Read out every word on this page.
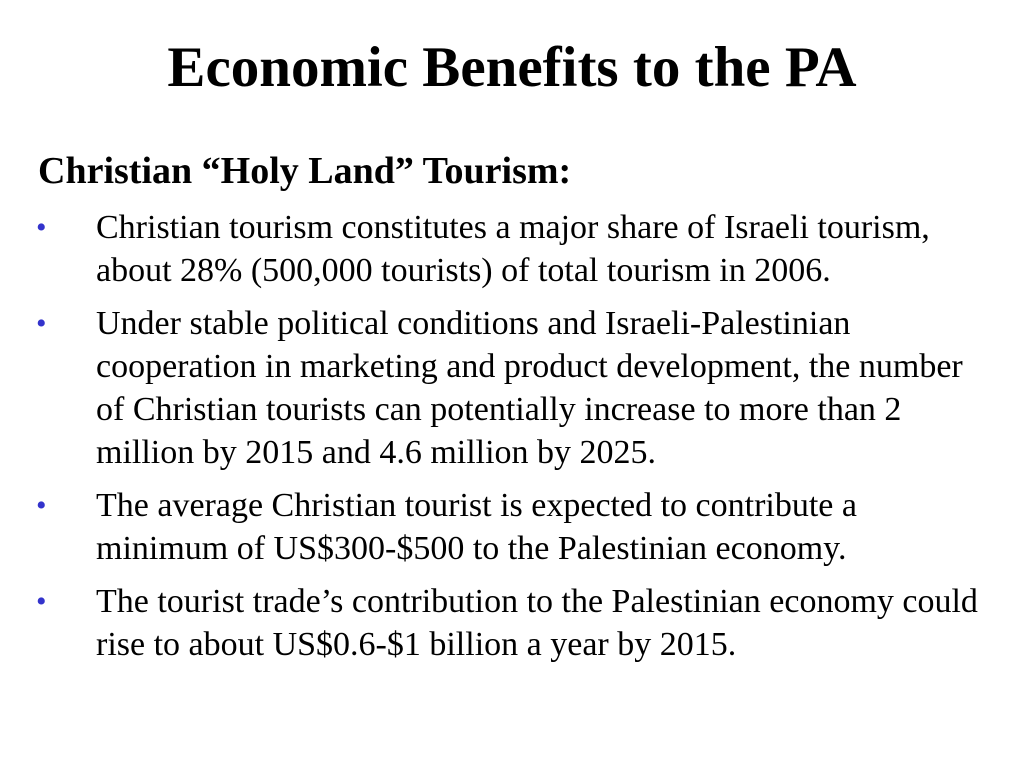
Economic Benefits to the PA
Christian “Holy Land” Tourism:
• Christian tourism constitutes a major share of Israeli tourism, about 28% (500,000 tourists) of total tourism in 2006.
• Under stable political conditions and Israeli-Palestinian cooperation in marketing and product development, the number of Christian tourists can potentially increase to more than 2 million by 2015 and 4.6 million by 2025.
• The average Christian tourist is expected to contribute a minimum of US$300-$500 to the Palestinian economy.
• The tourist trade’s contribution to the Palestinian economy could rise to about US$0.6-$1 billion a year by 2015.
